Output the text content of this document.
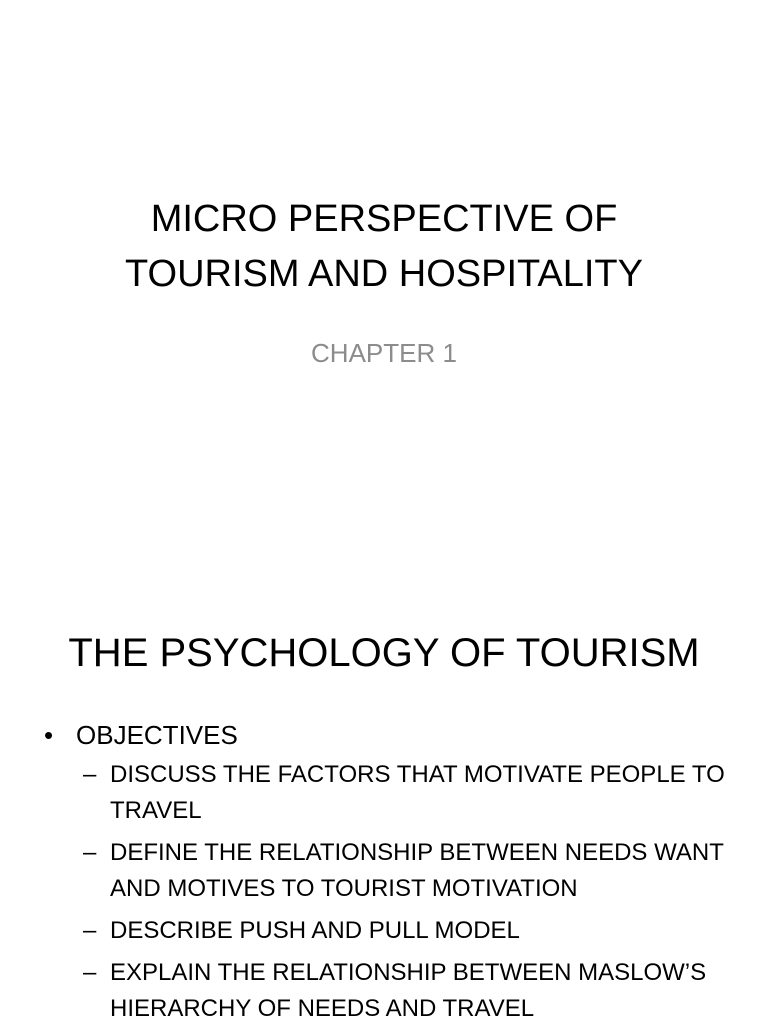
MICRO PERSPECTIVE OF
TOURISM AND HOSPITALITY

CHAPTER 1

THE PSYCHOLOGY OF TOURISM
• OBJECTIVES
– DISCUSS THE FACTORS THAT MOTIVATE PEOPLE TO TRAVEL
– DEFINE THE RELATIONSHIP BETWEEN NEEDS WANT AND MOTIVES TO TOURIST MOTIVATION
– DESCRIBE PUSH AND PULL MODEL
– EXPLAIN THE RELATIONSHIP BETWEEN MASLOW’S HIERARCHY OF NEEDS AND TRAVEL
